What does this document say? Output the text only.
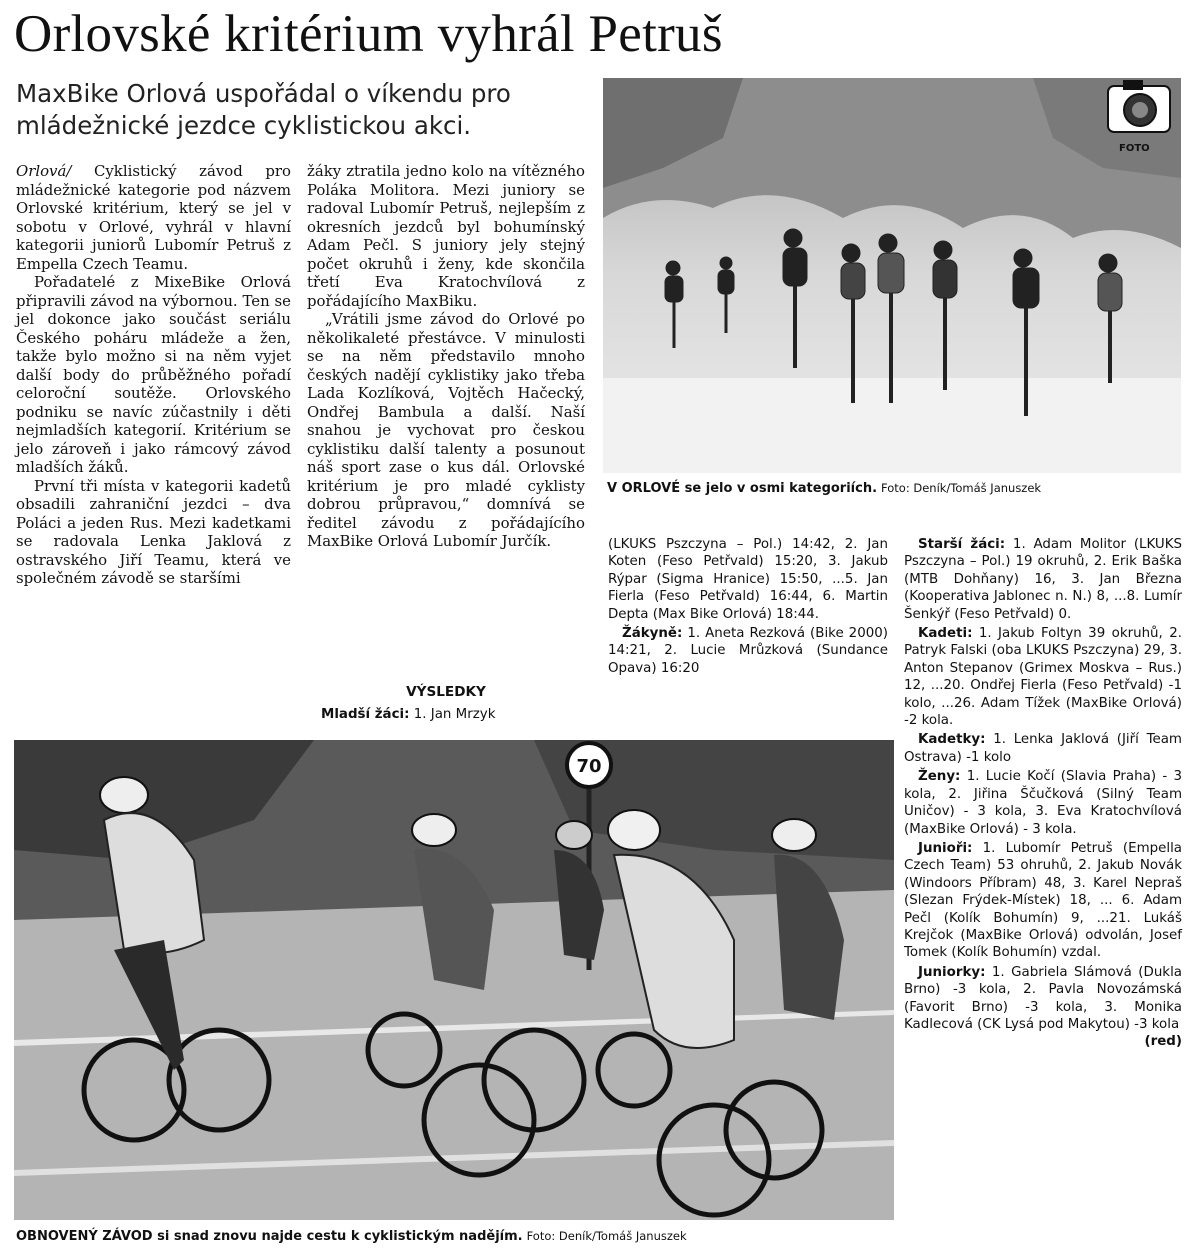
Orlovské kritérium vyhrál Petruš
MaxBike Orlová uspořádal o víkendu pro mládežnické jezdce cyklistickou akci.

Orlová/ Cyklistický závod pro mládežnické kategorie pod názvem Orlovské kritérium, který se jel v sobotu v Orlové, vyhrál v hlavní kategorii juniorů Lubomír Petruš z Empella Czech Teamu.

Pořadatelé z MixeBike Orlová připravili závod na výbornou. Ten se jel dokonce jako součást seriálu Českého poháru mládeže a žen, takže bylo možno si na něm vyjet další body do průběžného pořadí celoroční soutěže. Orlovského podniku se navíc zúčastnily i děti nejmladších kategorií. Kritérium se jelo zároveň i jako rámcový závod mladších žáků.

První tři místa v kategorii kadetů obsadili zahraniční jezdci – dva Poláci a jeden Rus. Mezi kadetkami se radovala Lenka Jaklová z ostravského Jiří Teamu, která ve společném závodě se staršími

žáky ztratila jedno kolo na vítězného Poláka Molitora. Mezi juniory se radoval Lubomír Petruš, nejlepším z okresních jezdců byl bohumínský Adam Pečl. S juniory jely stejný počet okruhů i ženy, kde skončila třetí Eva Kratochvílová z pořádajícího MaxBiku.

„Vrátili jsme závod do Orlové po několikaleté přestávce. V minulosti se na něm představilo mnoho českých nadějí cyklistiky jako třeba Lada Kozlíková, Vojtěch Hačecký, Ondřej Bambula a další. Naší snahou je vychovat pro českou cyklistiku další talenty a posunout náš sport zase o kus dál. Orlovské kritérium je pro mladé cyklisty dobrou průpravou,“ domnívá se ředitel závodu z pořádajícího MaxBike Orlová Lubomír Jurčík.

VÝSLEDKY

Mladší žáci: 1. Jan Mrzyk

(LKUKS Pszczyna – Pol.) 14:42, 2. Jan Koten (Feso Petřvald) 15:20, 3. Jakub Rýpar (Sigma Hranice) 15:50, ...5. Jan Fierla (Feso Petřvald) 16:44, 6. Martin Depta (Max Bike Orlová) 18:44.

Žákyně: 1. Aneta Rezková (Bike 2000) 14:21, 2. Lucie Mrůzková (Sundance Opava) 16:20

Starší žáci: 1. Adam Molitor (LKUKS Pszczyna – Pol.) 19 okruhů, 2. Erik Baška (MTB Dohňany) 16, 3. Jan Března (Kooperativa Jablonec n. N.) 8, ...8. Lumír Šenkýř (Feso Petřvald) 0.

Kadeti: 1. Jakub Foltyn 39 okruhů, 2. Patryk Falski (oba LKUKS Pszczyna) 29, 3. Anton Stepanov (Grimex Moskva – Rus.) 12, ...20. Ondřej Fierla (Feso Petřvald) -1 kolo, ...26. Adam Tížek (MaxBike Orlová) -2 kola.

Kadetky: 1. Lenka Jaklová (Jiří Team Ostrava) -1 kolo

Ženy: 1. Lucie Kočí (Slavia Praha) - 3 kola, 2. Jiřina Ščučková (Silný Team Uničov) - 3 kola, 3. Eva Kratochvílová (MaxBike Orlová) - 3 kola.

Junioři: 1. Lubomír Petruš (Empella Czech Team) 53 ohruhů, 2. Jakub Novák (Windoors Příbram) 48, 3. Karel Nepraš (Slezan Frýdek-Místek) 18, ... 6. Adam Pečl (Kolík Bohumín) 9, ...21. Lukáš Krejčok (MaxBike Orlová) odvolán, Josef Tomek (Kolík Bohumín) vzdal.

Juniorky: 1. Gabriela Slámová (Dukla Brno) -3 kola, 2. Pavla Novozámská (Favorit Brno) -3 kola, 3. Monika Kadlecová (CK Lysá pod Makytou) -3 kola
(red)

FOTO
V ORLOVÉ se jelo v osmi kategoriích. Foto: Deník/Tomáš Januszek
70
OBNOVENÝ ZÁVOD si snad znovu najde cestu k cyklistickým nadějím. Foto: Deník/Tomáš Januszek
